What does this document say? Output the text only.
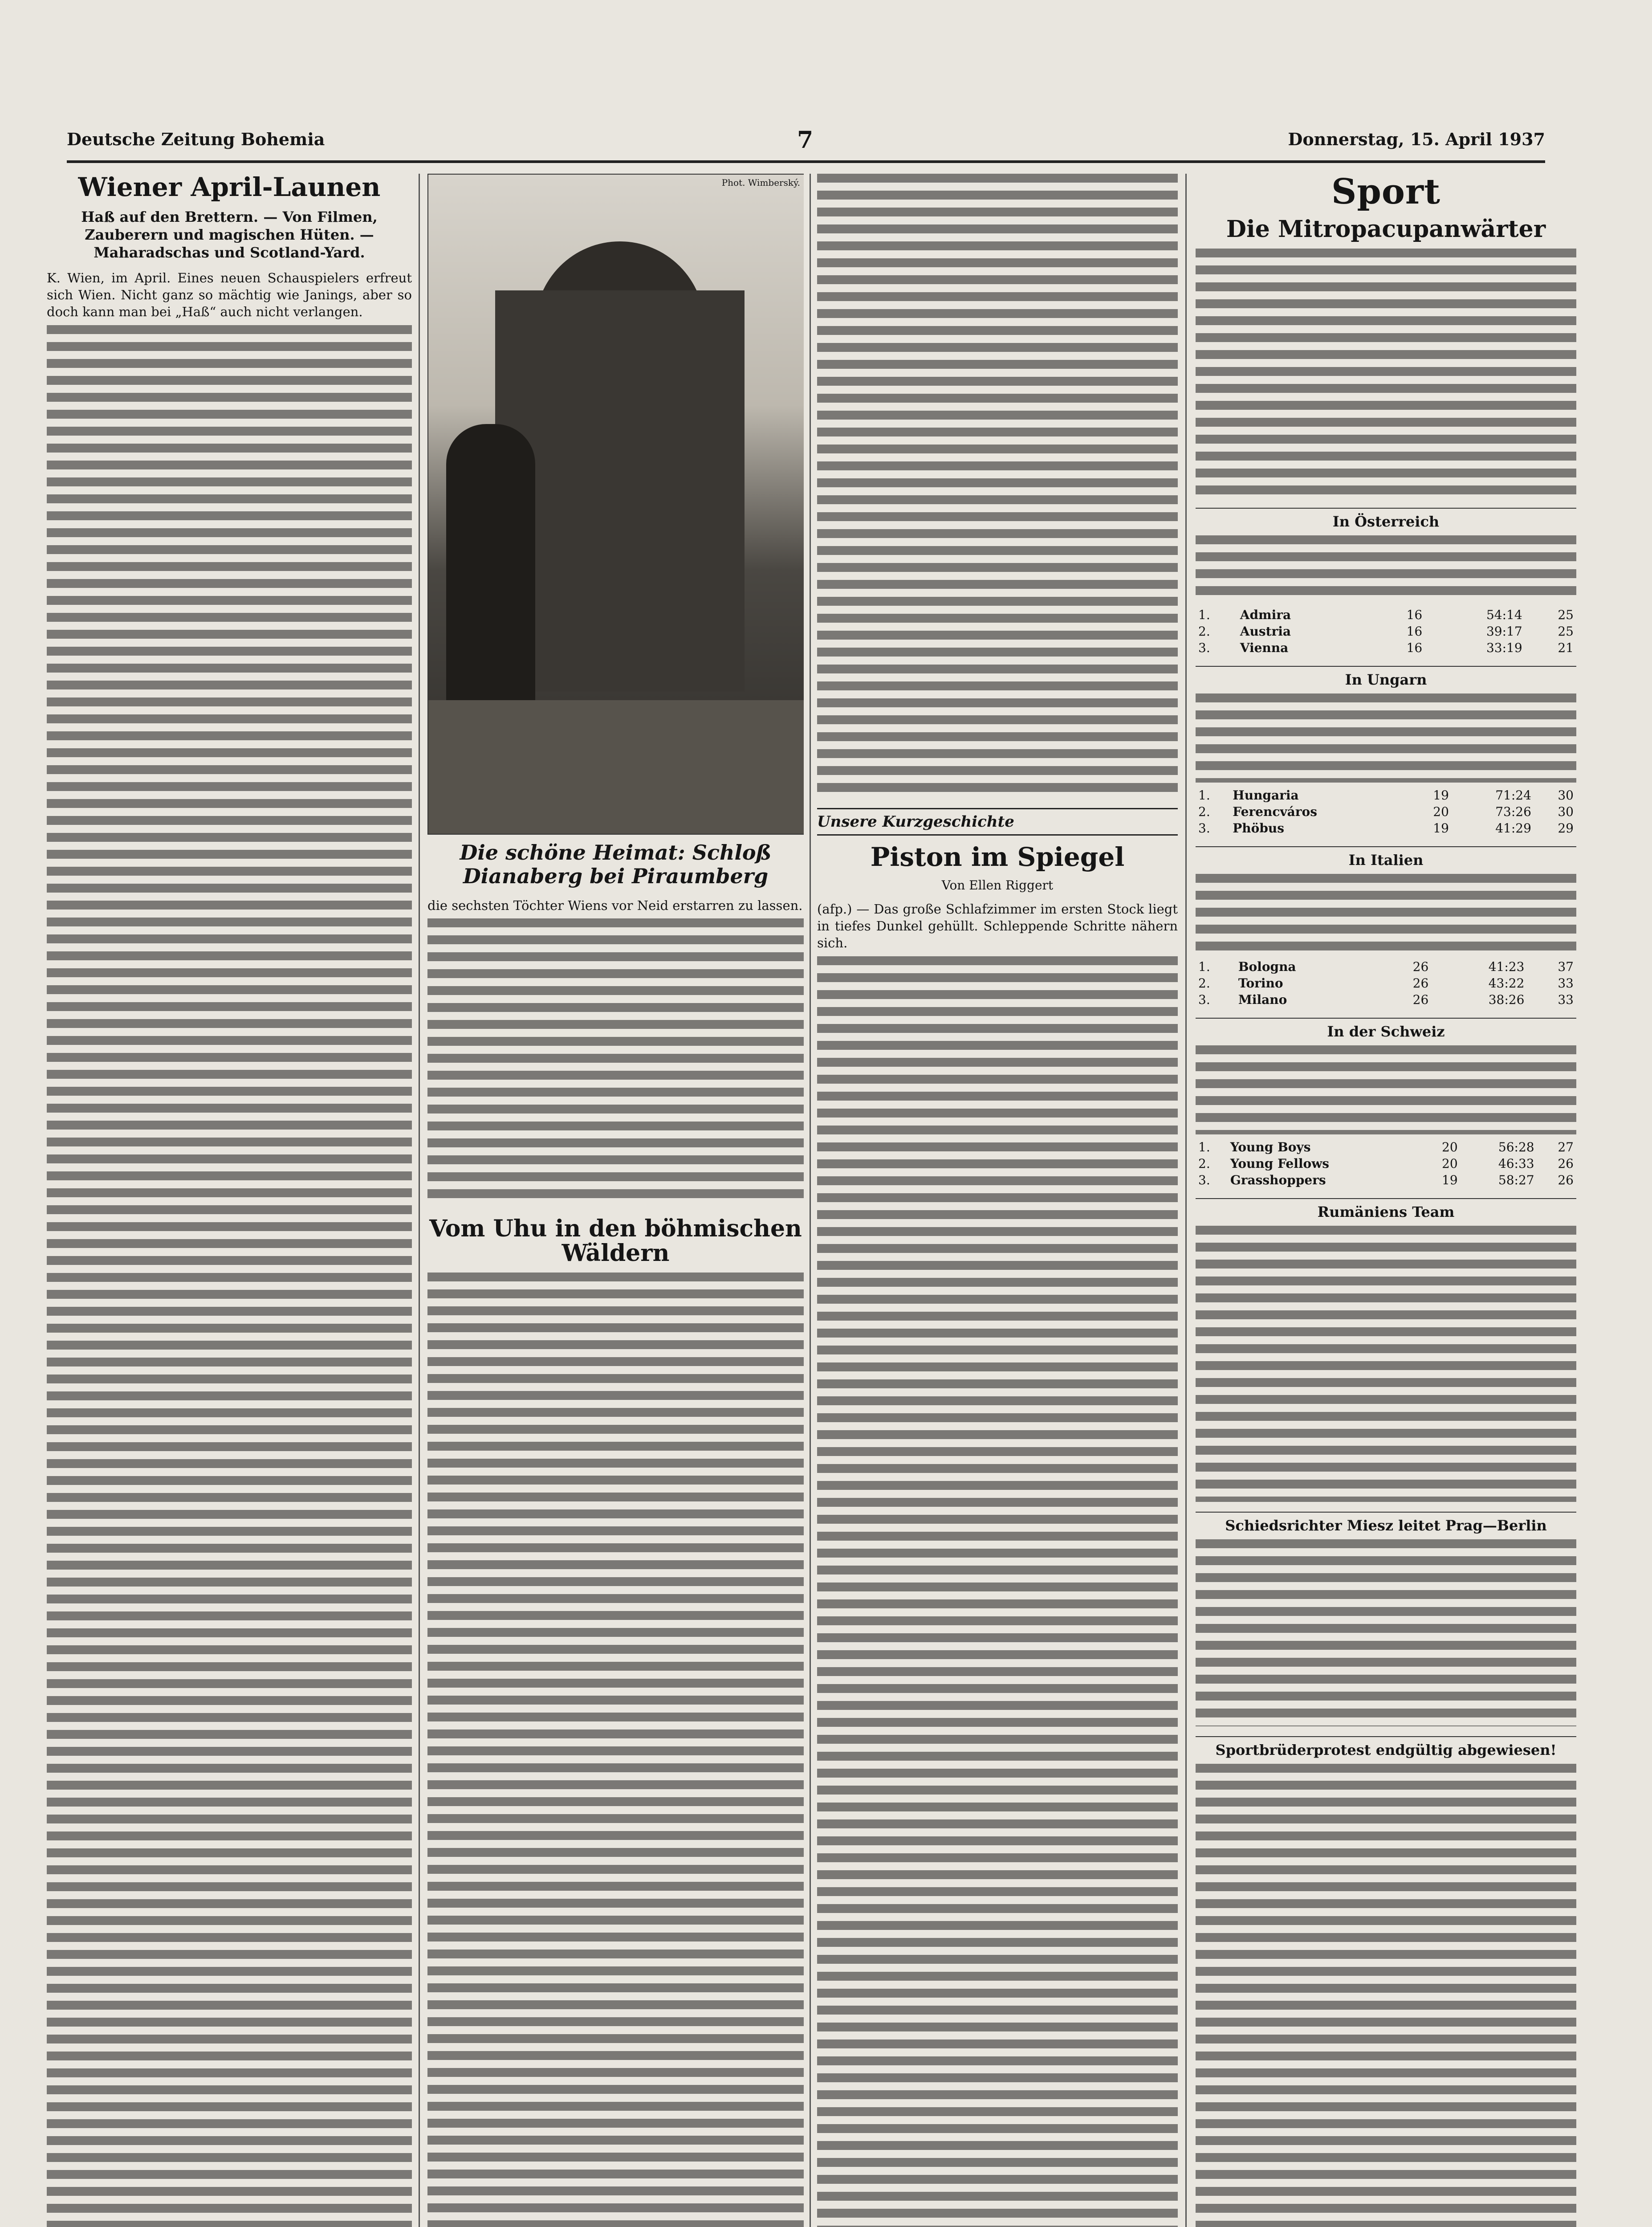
Deutsche Zeitung Bohemia	7	Donnerstag, 15. April 1937
Wiener April-Launen

Haß auf den Brettern. — Von Filmen, Zauberern und magischen Hüten. — Maharadschas und Scotland-Yard.

K. Wien, im April. Eines neuen Schauspielers erfreut sich Wien. Nicht ganz so mächtig wie Janings, aber so doch kann man bei „Haß“ auch nicht verlangen.

Phot. Wimberský.

Die schöne Heimat: Schloß Dianaberg bei Piraumberg

die sechsten Töchter Wiens vor Neid erstarren zu lassen.

Vom Uhu in den böhmischen Wäldern
Unsere Kurzgeschichte
Piston im Spiegel

Von Ellen Riggert

(afp.) — Das große Schlafzimmer im ersten Stock liegt in tiefes Dunkel gehüllt. Schleppende Schritte nähern sich.

Sport
Die Mitropacupanwärter
In Österreich
1.	Admira	16	54:14	25
2.	Austria	16	39:17	25
3.	Vienna	16	33:19	21
In Ungarn
1.	Hungaria	19	71:24	30
2.	Ferencváros	20	73:26	30
3.	Phöbus	19	41:29	29
In Italien
1.	Bologna	26	41:23	37
2.	Torino	26	43:22	33
3.	Milano	26	38:26	33
In der Schweiz
1.	Young Boys	20	56:28	27
2.	Young Fellows	20	46:33	26
3.	Grasshoppers	19	58:27	26
Rumäniens Team
Schiedsrichter Miesz leitet Prag—Berlin
Sportbrüderprotest endgültig abgewiesen!
